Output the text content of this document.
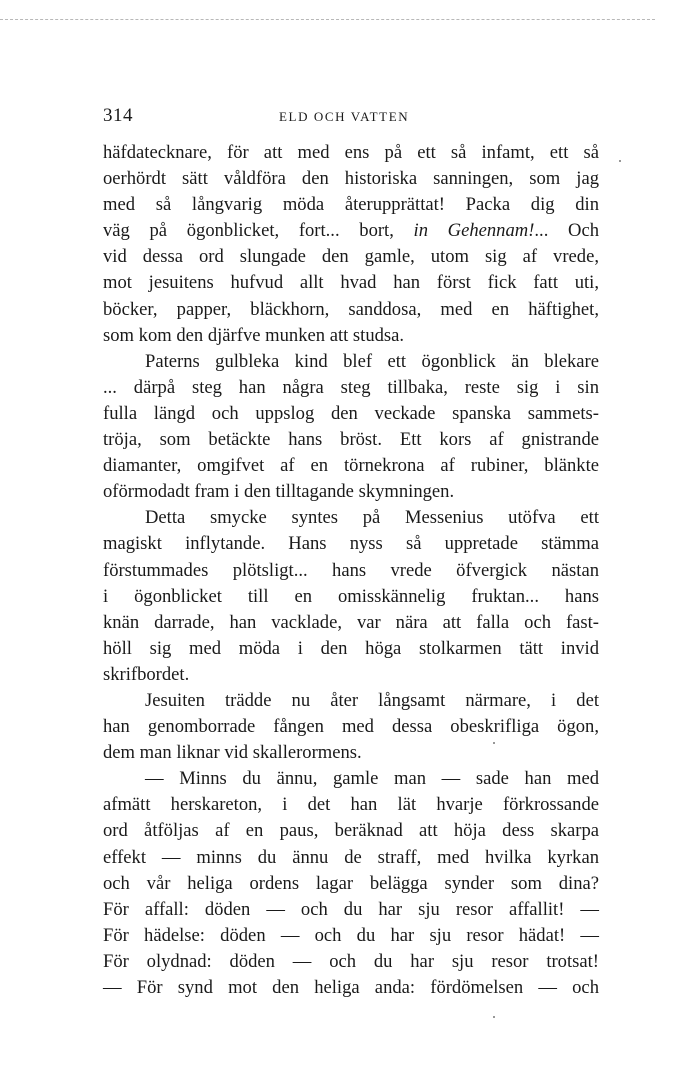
314	ELD OCH VATTEN
häfdatecknare, för att med ens på ett så infamt, ett så
oerhördt sätt våldföra den historiska sanningen, som jag
med så långvarig möda återupprättat! Packa dig din
väg på ögonblicket, fort... bort, in Gehennam!... Och
vid dessa ord slungade den gamle, utom sig af vrede,
mot jesuitens hufvud allt hvad han först fick fatt uti,
böcker, papper, bläckhorn, sanddosa, med en häftighet,
som kom den djärfve munken att studsa.
Paterns gulbleka kind blef ett ögonblick än blekare
... därpå steg han några steg tillbaka, reste sig i sin
fulla längd och uppslog den veckade spanska sammets-
tröja, som betäckte hans bröst. Ett kors af gnistrande
diamanter, omgifvet af en törnekrona af rubiner, blänkte
oförmodadt fram i den tilltagande skymningen.
Detta smycke syntes på Messenius utöfva ett
magiskt inflytande. Hans nyss så uppretade stämma
förstummades plötsligt... hans vrede öfvergick nästan
i ögonblicket till en omisskännelig fruktan... hans
knän darrade, han vacklade, var nära att falla och fast-
höll sig med möda i den höga stolkarmen tätt invid
skrifbordet.
Jesuiten trädde nu åter långsamt närmare, i det
han genomborrade fången med dessa obeskrifliga ögon,
dem man liknar vid skallerormens.
— Minns du ännu, gamle man — sade han med
afmätt herskareton, i det han lät hvarje förkrossande
ord åtföljas af en paus, beräknad att höja dess skarpa
effekt — minns du ännu de straff, med hvilka kyrkan
och vår heliga ordens lagar belägga synder som dina?
För affall: döden — och du har sju resor affallit! —
För hädelse: döden — och du har sju resor hädat! —
För olydnad: döden — och du har sju resor trotsat!
— För synd mot den heliga anda: fördömelsen — och
